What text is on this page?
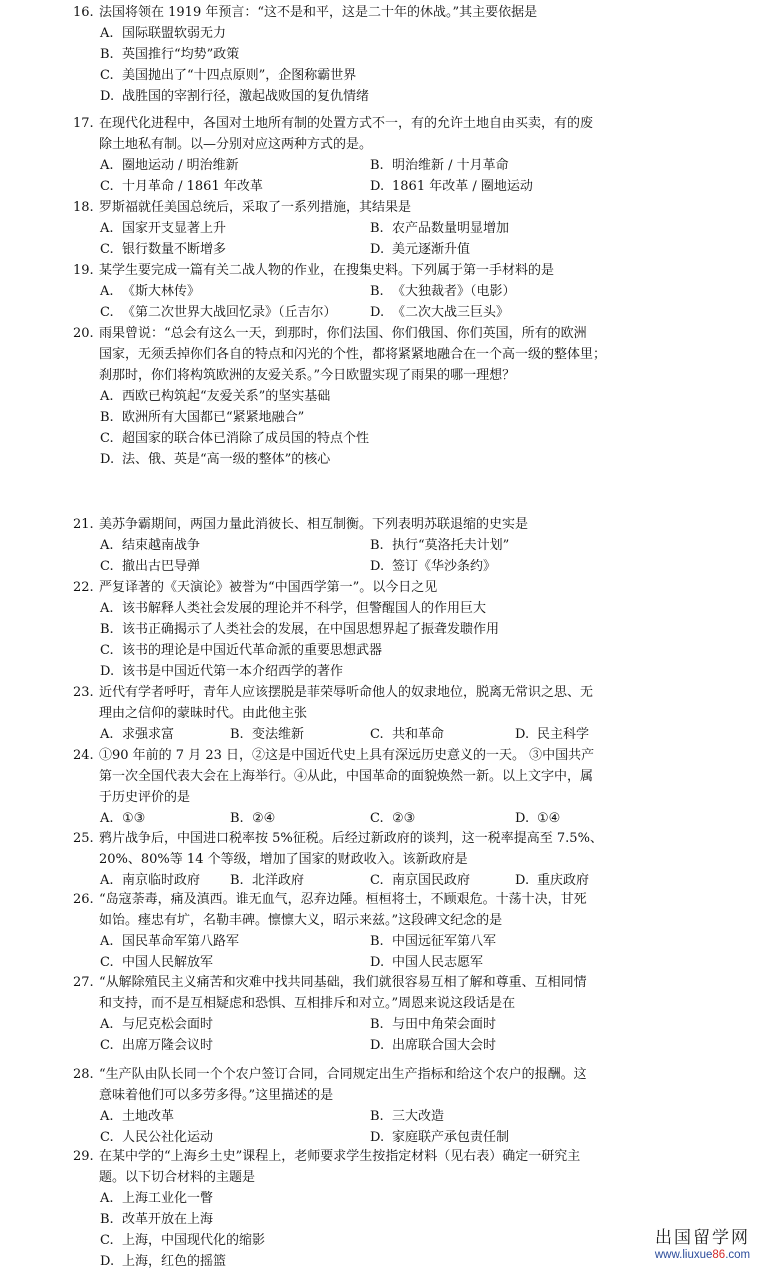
16. 法国将领在 1919 年预言：“这不是和平，这是二十年的休战。”其主要依据是
A. 国际联盟软弱无力
B. 英国推行“均势”政策
C. 美国抛出了“十四点原则”，企图称霸世界
D. 战胜国的宰割行径，激起战败国的复仇情绪
17. 在现代化进程中，各国对土地所有制的处置方式不一，有的允许土地自由买卖，有的废
除土地私有制。以—分别对应这两种方式的是。
A. 圈地运动 / 明治维新	B. 明治维新 / 十月革命
C. 十月革命 / 1861 年改革	D. 1861 年改革 / 圈地运动
18. 罗斯福就任美国总统后，采取了一系列措施，其结果是
A. 国家开支显著上升	B. 农产品数量明显增加
C. 银行数量不断增多	D. 美元逐渐升值
19. 某学生要完成一篇有关二战人物的作业，在搜集史料。下列属于第一手材料的是
A. 《斯大林传》	B. 《大独裁者》（电影）
C. 《第二次世界大战回忆录》（丘吉尔）	D. 《二次大战三巨头》
20. 雨果曾说：“总会有这么一天，到那时，你们法国、你们俄国、你们英国，所有的欧洲
国家，无须丢掉你们各自的特点和闪光的个性，都将紧紧地融合在一个高一级的整体里；
刹那时，你们将构筑欧洲的友爱关系。”今日欧盟实现了雨果的哪一理想？
A. 西欧已构筑起“友爱关系”的坚实基础
B. 欧洲所有大国都已“紧紧地融合”
C. 超国家的联合体已消除了成员国的特点个性
D. 法、俄、英是“高一级的整体”的核心
21. 美苏争霸期间，两国力量此消彼长、相互制衡。下列表明苏联退缩的史实是
A. 结束越南战争	B. 执行“莫洛托夫计划”
C. 撤出古巴导弹	D. 签订《华沙条约》
22. 严复译著的《天演论》被誉为“中国西学第一”。以今日之见
A. 该书解释人类社会发展的理论并不科学，但警醒国人的作用巨大
B. 该书正确揭示了人类社会的发展，在中国思想界起了振聋发聩作用
C. 该书的理论是中国近代革命派的重要思想武器
D. 该书是中国近代第一本介绍西学的著作
23. 近代有学者呼吁，青年人应该摆脱是菲荣辱听命他人的奴隶地位，脱离无常识之思、无
理由之信仰的蒙昧时代。由此他主张
A. 求强求富	B. 变法维新	C. 共和革命	D. 民主科学
24. ①90 年前的 7 月 23 日，②这是中国近代史上具有深远历史意义的一天。 ③中国共产
第一次全国代表大会在上海举行。④从此，中国革命的面貌焕然一新。以上文字中，属
于历史评价的是
A. ①③	B. ②④	C. ②③	D. ①④
25. 鸦片战争后，中国进口税率按 5%征税。后经过新政府的谈判，这一税率提高至 7.5%、
20%、80%等 14 个等级，增加了国家的财政收入。该新政府是
A. 南京临时政府 B. 北洋政府	C. 南京国民政府	D. 重庆政府
26. “岛寇荼毒，痛及滇西。谁无血气，忍弃边陲。桓桓将士，不顾艰危。十荡十决，甘死
如饴。瘗忠有圹，名勒丰碑。懔懔大义，昭示来兹。”这段碑文纪念的是
A. 国民革命军第八路军	B. 中国远征军第八军
C. 中国人民解放军	D. 中国人民志愿军
27. “从解除殖民主义痛苦和灾难中找共同基础，我们就很容易互相了解和尊重、互相同情
和支持，而不是互相疑虑和恐惧、互相排斥和对立。”周恩来说这段话是在
A. 与尼克松会面时	B. 与田中角荣会面时
C. 出席万隆会议时	D. 出席联合国大会时
28. “生产队由队长同一个个农户签订合同，合同规定出生产指标和给这个农户的报酬。这
意味着他们可以多劳多得。”这里描述的是
A. 土地改革	B. 三大改造
C. 人民公社化运动	D. 家庭联产承包责任制
29. 在某中学的“上海乡土史”课程上，老师要求学生按指定材料（见右表）确定一研究主
题。以下切合材料的主题是
A. 上海工业化一瞥
B. 改革开放在上海
C. 上海，中国现代化的缩影
D. 上海，红色的摇篮
出国留学网
www.liuxue86.com
